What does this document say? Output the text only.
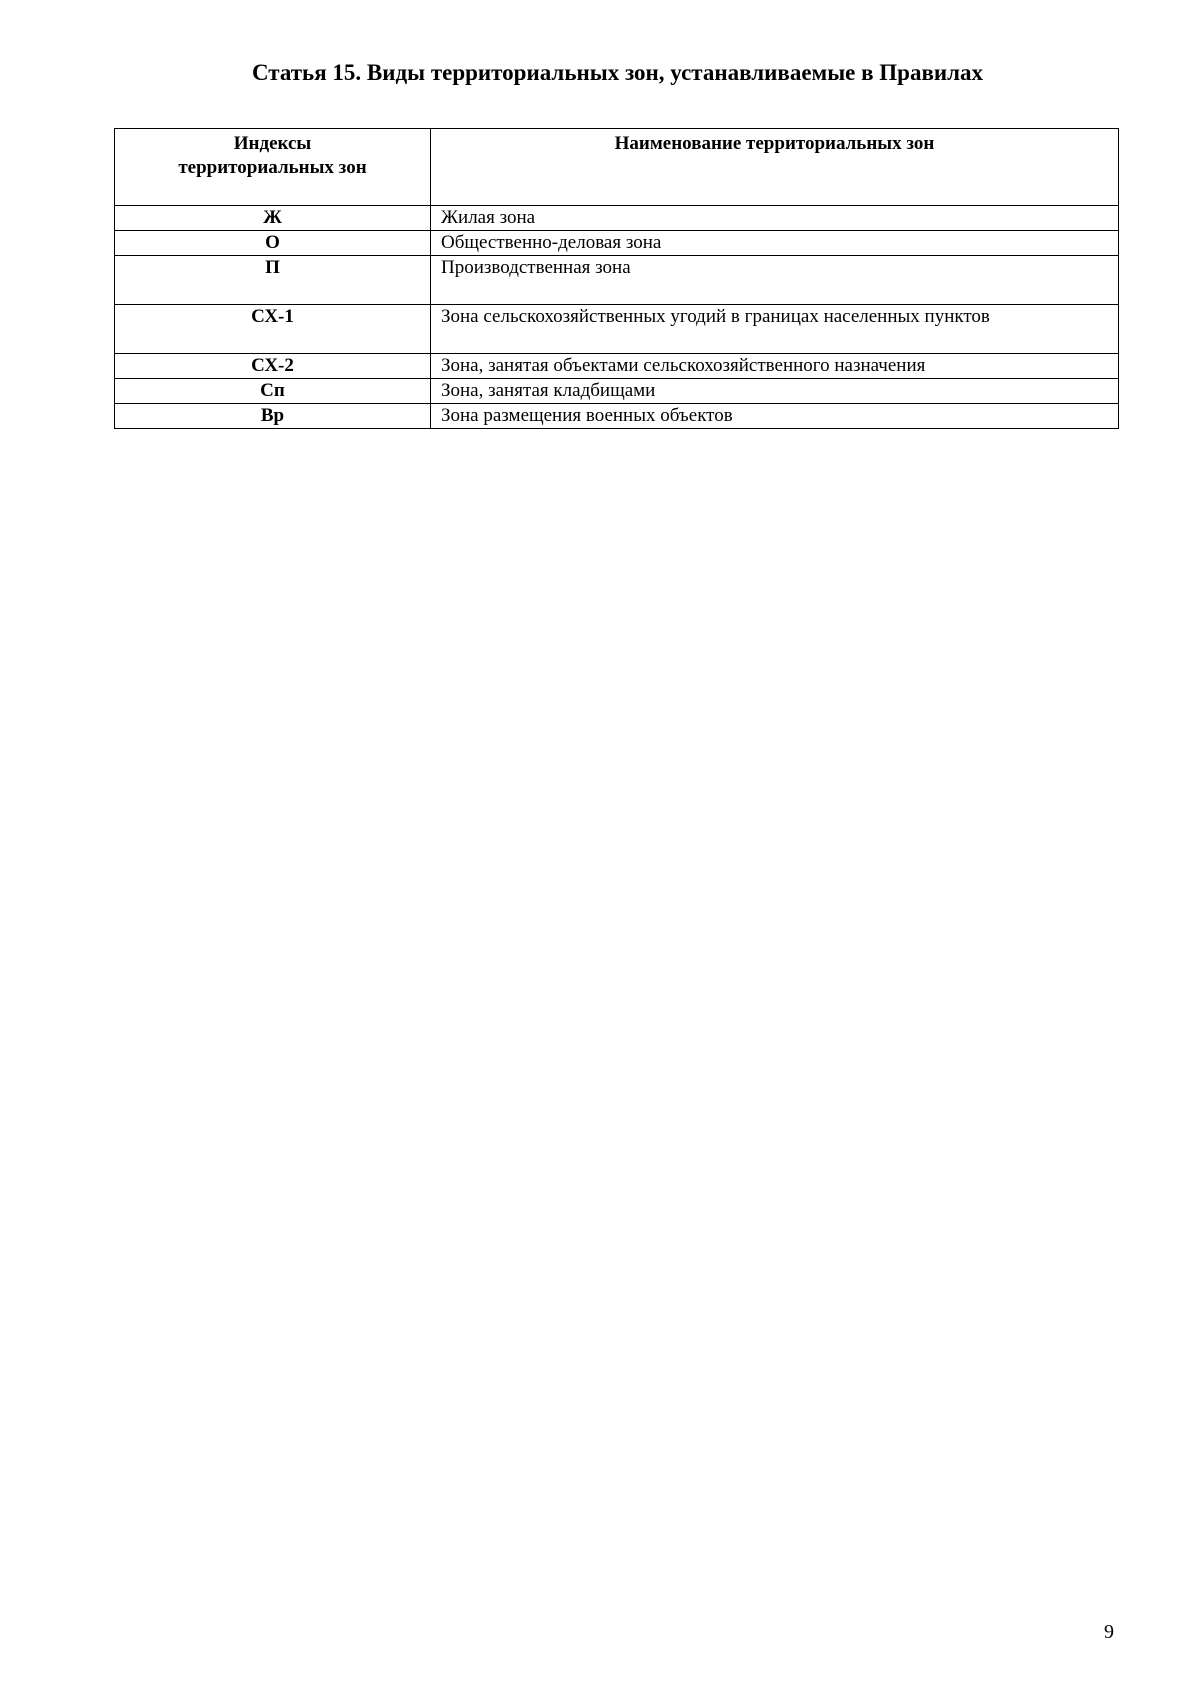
Статья 15. Виды территориальных зон, устанавливаемые в Правилах
Индексы территориальных зон	Наименование территориальных зон
Ж	Жилая зона
О	Общественно-деловая зона
П	Производственная зона
СХ-1	Зона сельскохозяйственных угодий в границах населенных пунктов
СХ-2	Зона, занятая объектами сельскохозяйственного назначения
Сп	Зона, занятая кладбищами
Вр	Зона размещения военных объектов
9
